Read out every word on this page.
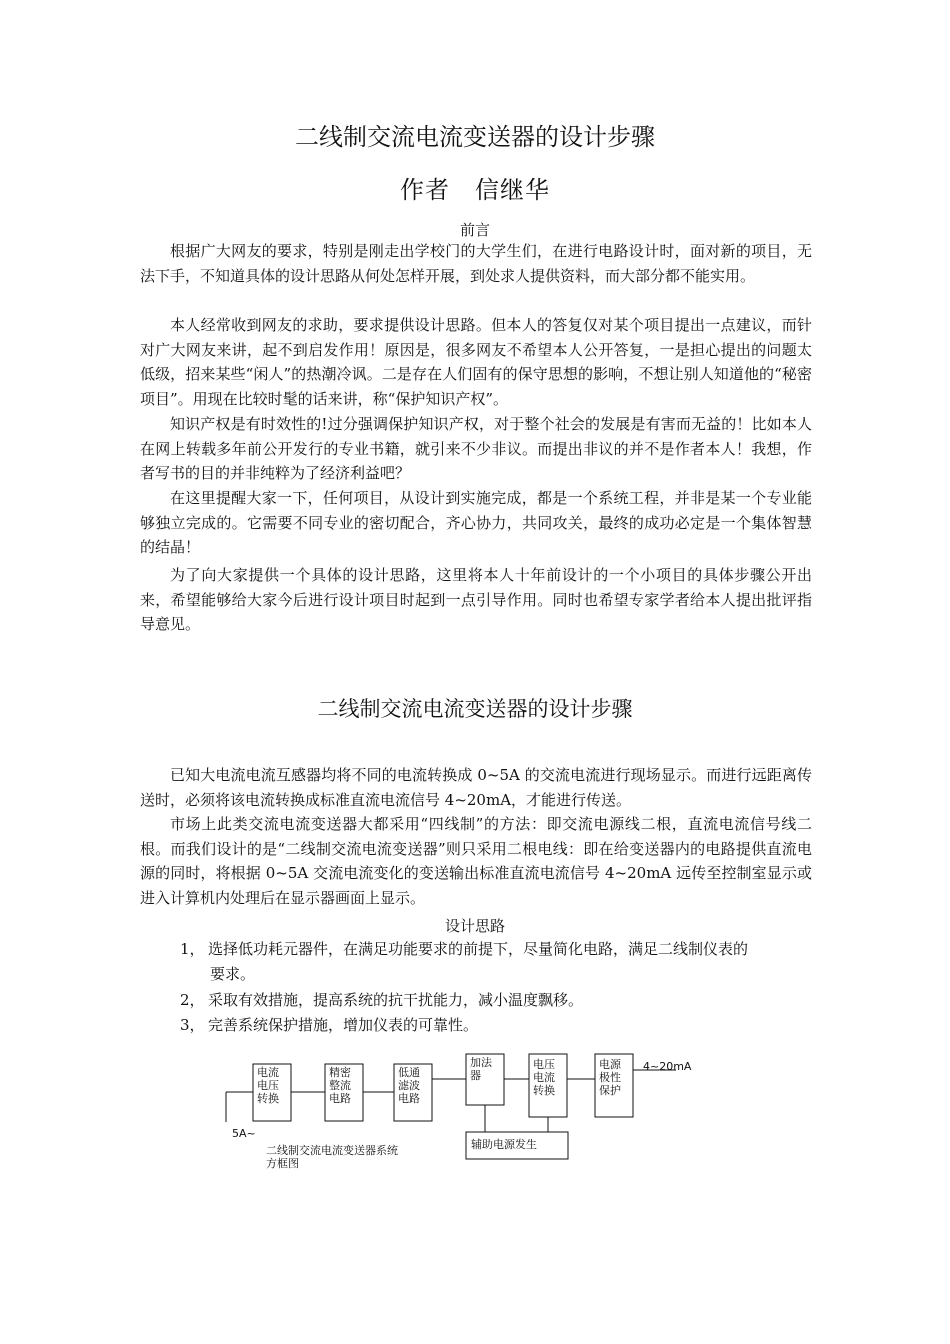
二线制交流电流变送器的设计步骤
作者　信继华
前言
根据广大网友的要求，特别是刚走出学校门的大学生们，在进行电路设计时，面对新的项目，无法下手，不知道具体的设计思路从何处怎样开展，到处求人提供资料，而大部分都不能实用。
本人经常收到网友的求助，要求提供设计思路。但本人的答复仅对某个项目提出一点建议，而针对广大网友来讲，起不到启发作用！原因是，很多网友不希望本人公开答复，一是担心提出的问题太低级，招来某些“闲人”的热潮冷讽。二是存在人们固有的保守思想的影响，不想让别人知道他的“秘密项目”。用现在比较时髦的话来讲，称“保护知识产权”。
知识产权是有时效性的!过分强调保护知识产权，对于整个社会的发展是有害而无益的！比如本人在网上转载多年前公开发行的专业书籍，就引来不少非议。而提出非议的并不是作者本人！我想，作者写书的目的并非纯粹为了经济利益吧？
在这里提醒大家一下，任何项目，从设计到实施完成，都是一个系统工程，并非是某一个专业能够独立完成的。它需要不同专业的密切配合，齐心协力，共同攻关，最终的成功必定是一个集体智慧的结晶！
为了向大家提供一个具体的设计思路，这里将本人十年前设计的一个小项目的具体步骤公开出来，希望能够给大家今后进行设计项目时起到一点引导作用。同时也希望专家学者给本人提出批评指导意见。
二线制交流电流变送器的设计步骤
已知大电流电流互感器均将不同的电流转换成 0~5A 的交流电流进行现场显示。而进行远距离传送时，必须将该电流转换成标准直流电流信号 4~20mA，才能进行传送。
市场上此类交流电流变送器大都采用“四线制”的方法：即交流电源线二根，直流电流信号线二根。而我们设计的是“二线制交流电流变送器”则只采用二根电线：即在给变送器内的电路提供直流电源的同时，将根据 0~5A 交流电流变化的变送输出标准直流电流信号 4~20mA 远传至控制室显示或进入计算机内处理后在显示器画面上显示。
设计思路
1， 选择低功耗元器件，在满足功能要求的前提下，尽量简化电路，满足二线制仪表的
要求。
2， 采取有效措施，提高系统的抗干扰能力，减小温度飘移。
3， 完善系统保护措施，增加仪表的可靠性。
电流
电压
转换
精密
整流
电路
低通
滤波
电路
加法
器
电压
电流
转换
电源
极性
保护
辅助电源发生
4~20mA
5A~
二线制交流电流变送器系统
方框图
